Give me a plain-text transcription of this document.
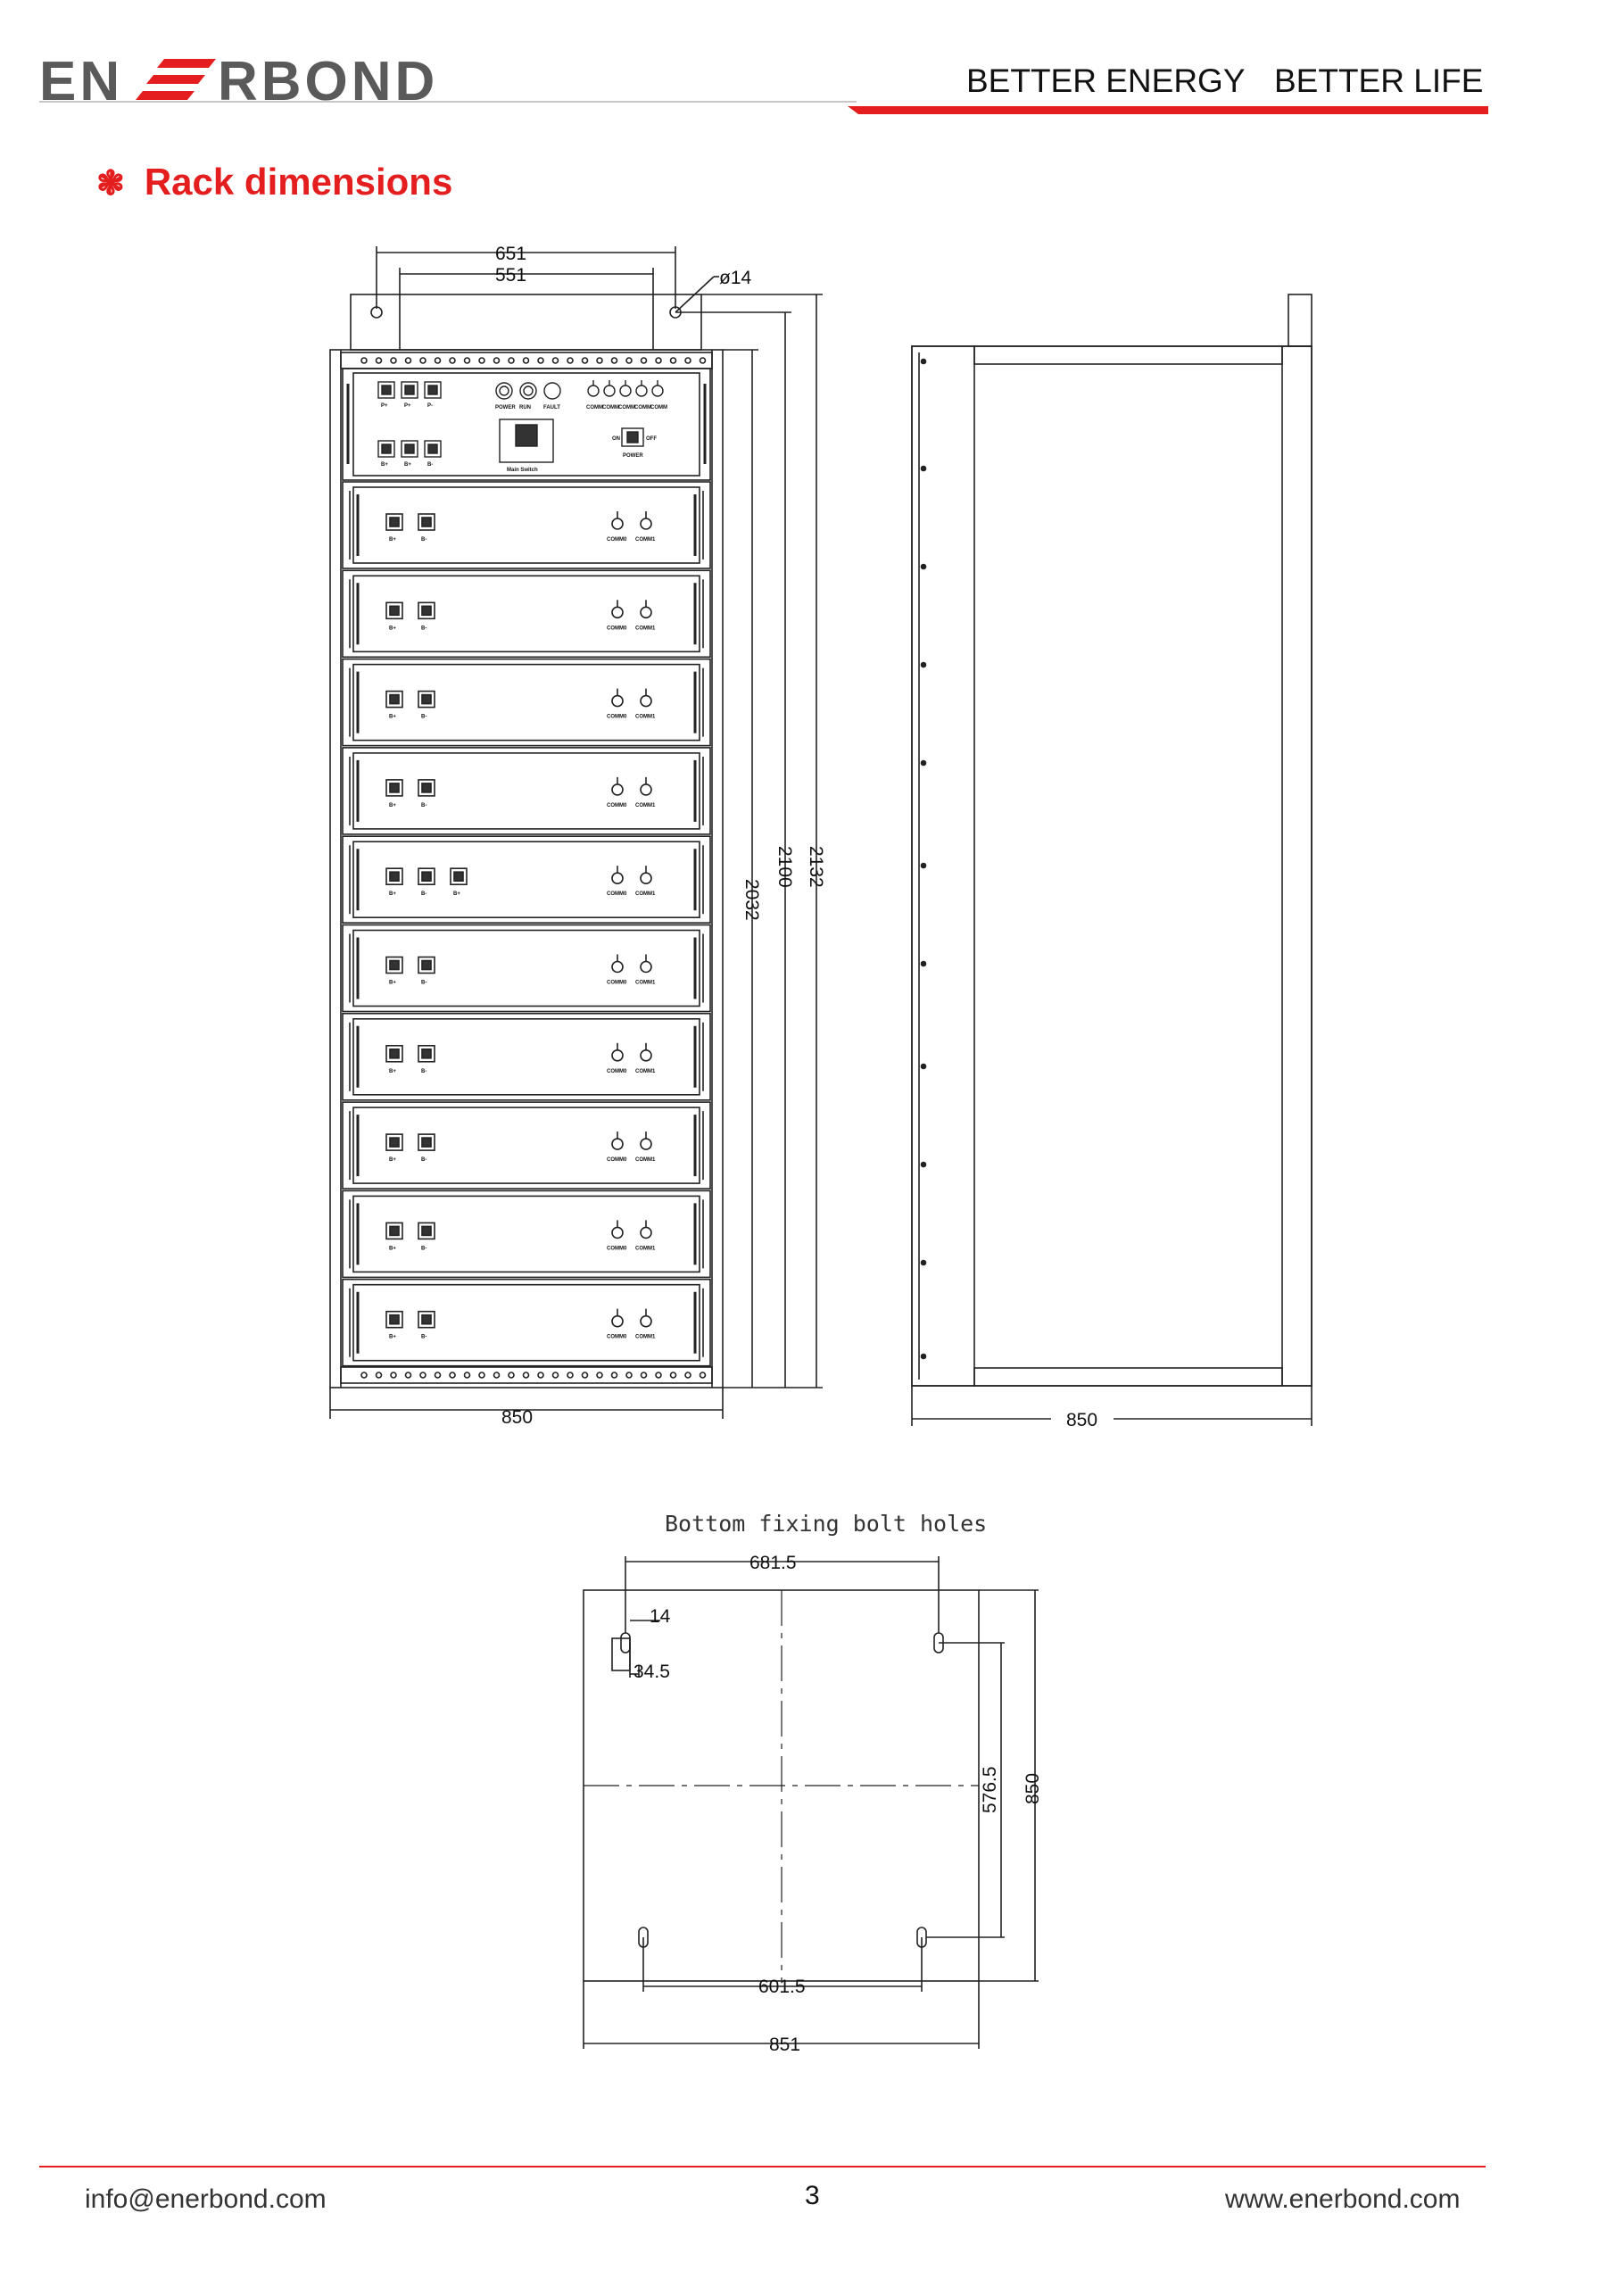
EN RBOND	BETTER ENERGY BETTER LIFE
❃ Rack dimensions
651
551	ø14
850	850
2032
2100 2132
Bottom fixing bolt holes
681.5
14
34.5
576.5 850
601.5
851
Main Switch
POWER
ON	OFF
P+	P+	P-
B+	B+	B-
POWER RUN FAULT	COMM COMM COMM COMM COMM
B+	B-	COMM0 COMM1
B+	B-	COMM0 COMM1
B+	B-	COMM0 COMM1
B+	B-	COMM0 COMM1
B+	B-	B+	COMM0 COMM1
B+	B-	COMM0 COMM1
B+	B-	COMM0 COMM1
B+	B-	COMM0 COMM1
B+	B-	COMM0 COMM1
B+	B-	COMM0 COMM1
info@enerbond.com	3	www.enerbond.com
